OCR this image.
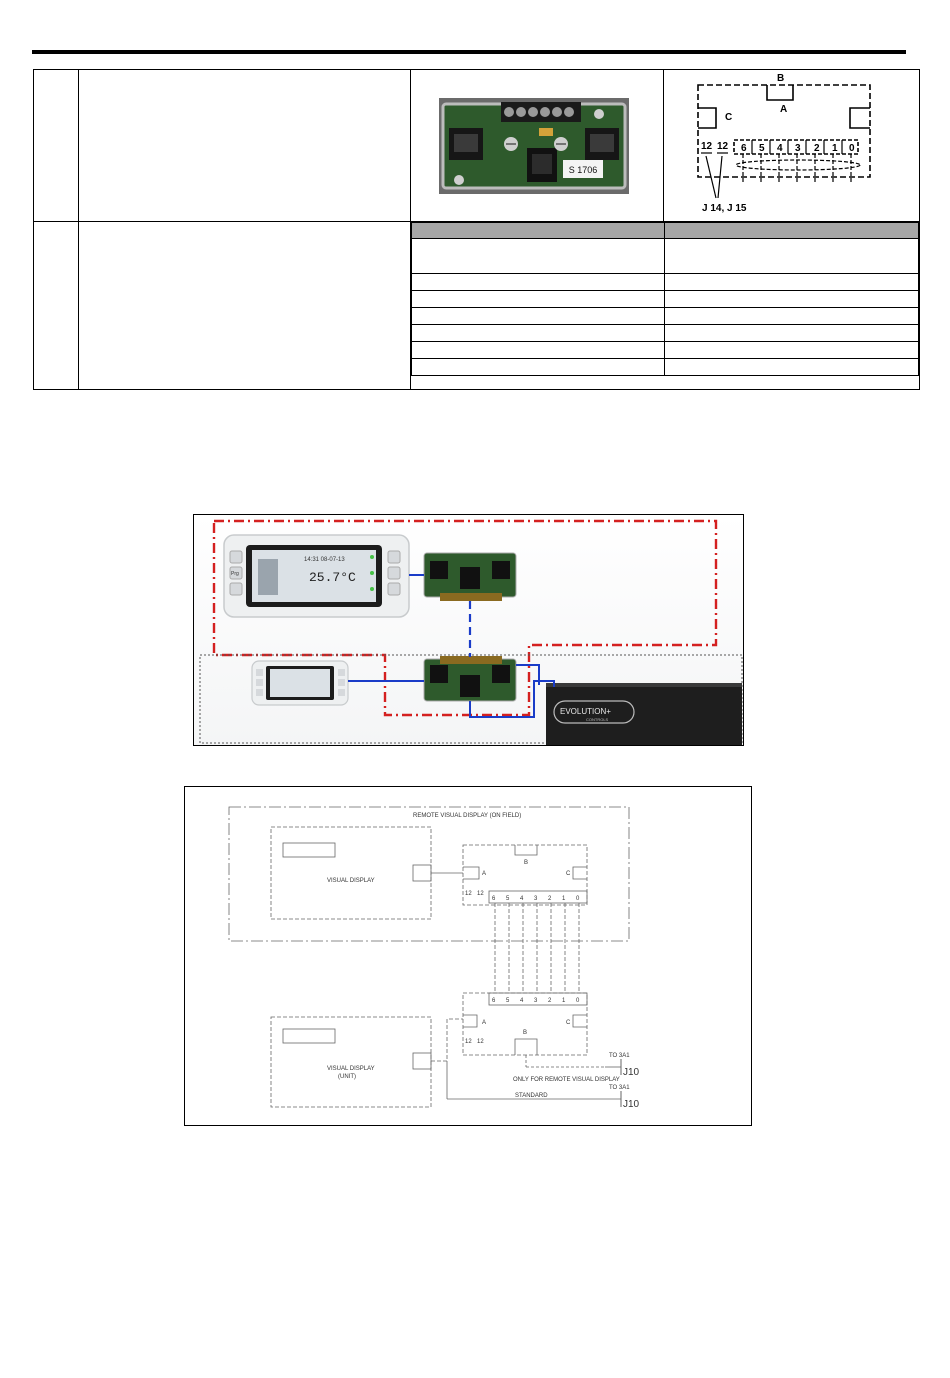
S 1706

12 12 6 5 4 3 2 1 0
A
B
C
J 14, J 15

14:31 08-07-13
25.7°C
Prg
EVOLUTION+
CONTROLS
REMOTE VISUAL DISPLAY (ON FIELD)
VISUAL DISPLAY
VISUAL DISPLAY
(UNIT)
A
B
C
A
B
C
12 12
12 12
ONLY FOR REMOTE VISUAL DISPLAY
STANDARD
TO 3A1
TO 3A1
6 5 4 3 2 1 0
6 5 4 3 2 1 0
J10
J10
